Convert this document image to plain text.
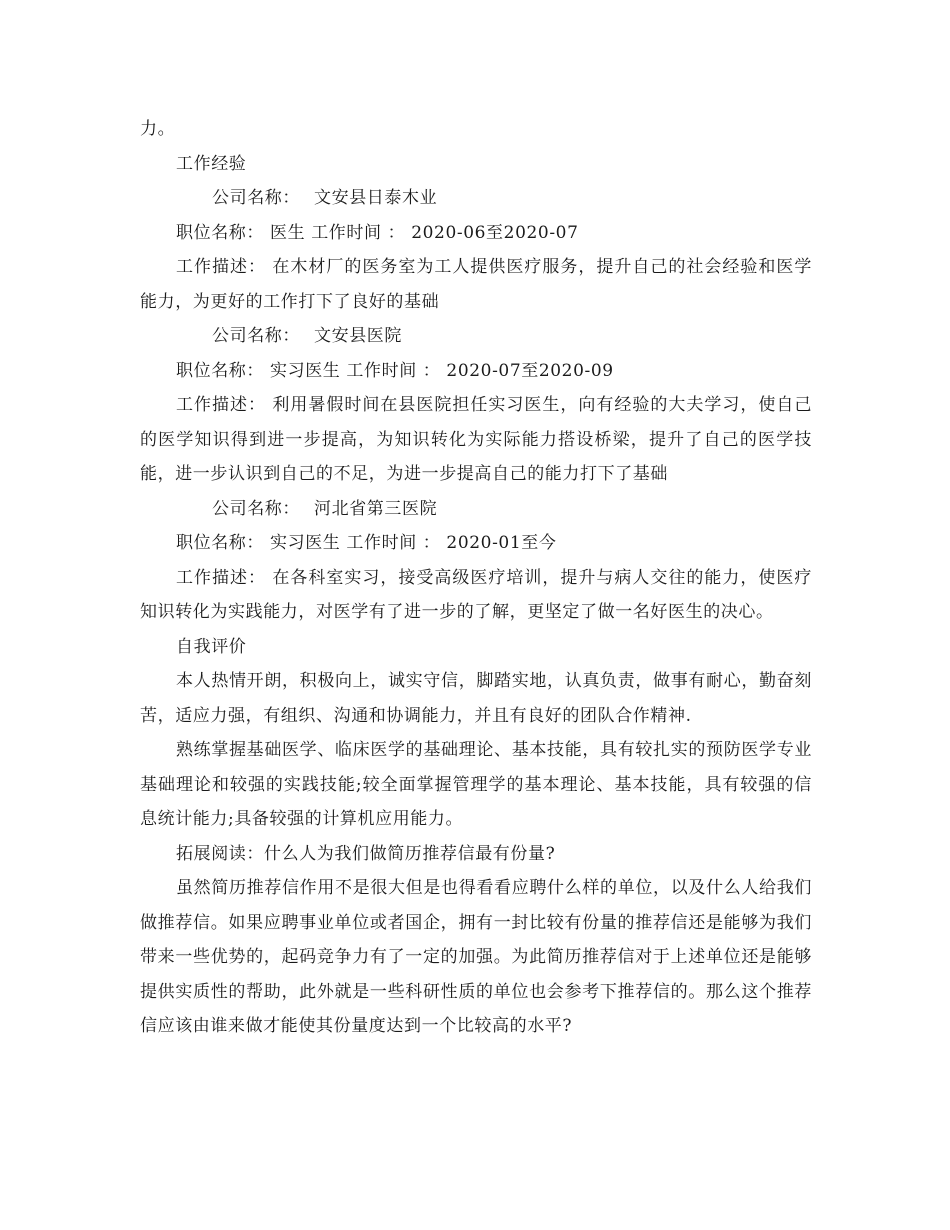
力。

工作经验

公司名称： 文安县日泰木业

职位名称： 医生 工作时间 ： 2020-06至2020-07

工作描述： 在木材厂的医务室为工人提供医疗服务，提升自己的社会经验和医学能力，为更好的工作打下了良好的基础

公司名称： 文安县医院

职位名称： 实习医生 工作时间 ： 2020-07至2020-09

工作描述： 利用暑假时间在县医院担任实习医生，向有经验的大夫学习，使自己的医学知识得到进一步提高，为知识转化为实际能力搭设桥梁，提升了自己的医学技能，进一步认识到自己的不足，为进一步提高自己的能力打下了基础

公司名称： 河北省第三医院

职位名称： 实习医生 工作时间 ： 2020-01至今

工作描述： 在各科室实习，接受高级医疗培训，提升与病人交往的能力，使医疗知识转化为实践能力，对医学有了进一步的了解，更坚定了做一名好医生的决心。

自我评价

本人热情开朗，积极向上，诚实守信，脚踏实地，认真负责，做事有耐心，勤奋刻苦，适应力强，有组织、沟通和协调能力，并且有良好的团队合作精神.

熟练掌握基础医学、临床医学的基础理论、基本技能，具有较扎实的预防医学专业基础理论和较强的实践技能;较全面掌握管理学的基本理论、基本技能，具有较强的信息统计能力;具备较强的计算机应用能力。

拓展阅读：什么人为我们做简历推荐信最有份量?

虽然简历推荐信作用不是很大但是也得看看应聘什么样的单位，以及什么人给我们做推荐信。如果应聘事业单位或者国企，拥有一封比较有份量的推荐信还是能够为我们带来一些优势的，起码竞争力有了一定的加强。为此简历推荐信对于上述单位还是能够提供实质性的帮助，此外就是一些科研性质的单位也会参考下推荐信的。那么这个推荐信应该由谁来做才能使其份量度达到一个比较高的水平?
